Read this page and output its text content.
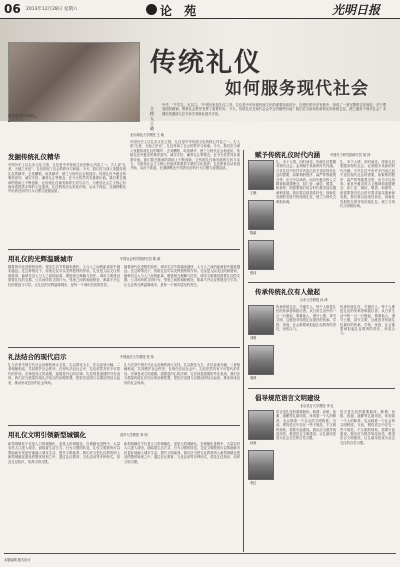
06 2013年12月28日 星期六	论 苑	光明日报
图为学生行拜师礼。
传统礼仪
如何服务现代社会
主持人 王晓
中华，“不学礼，无以立。”中国历来是礼仪之邦。礼仪是中华民族传统文化的重要组成部分，在漫长的历史发展中，形成了一套完整的礼仪规范，对于塑造国民精神、维系社会秩序发挥了重要作用。今天，传统礼仪在现代社会中还有哪些价值？我们应当如何传承和弘扬传统礼仪，使之服务于现代社会？本期论苑邀请几位专家学者就此展开讨论。
发掘传统礼仪精华
北京师范大学教授 王 晓
中国历史上以礼乐文化立国，礼仪是中华传统文化的核心内容之一。古人说“礼者，天地之序也”，礼仪体现了社会的秩序与和谐。今天，我们应当深入发掘传统礼仪的精华，去其糟粕，取其精华，使之与现代社会相适应。传统礼仪中蕴含的尊老爱幼、诚实守信、谦恭礼让等理念，在今天依然具有重要价值。我们要在继承的基础上不断创新，让传统礼仪焕发新的生机与活力，为建设社会主义核心价值体系提供丰厚的文化滋养。礼仪教育应从家庭开始，从孩子抓起，在潜移默化中培养良好的行为习惯与道德品质。
中国历史上以礼乐文化立国，礼仪是中华传统文化的核心内容之一。古人说“礼者，天地之序也”，礼仪体现了社会的秩序与和谐。今天，我们应当深入发掘传统礼仪的精华，去其糟粕，取其精华，使之与现代社会相适应。传统礼仪中蕴含的尊老爱幼、诚实守信、谦恭礼让等理念，在今天依然具有重要价值。我们要在继承的基础上不断创新，让传统礼仪焕发新的生机与活力，为建设社会主义核心价值体系提供丰厚的文化滋养。礼仪教育应从家庭开始，从孩子抓起，在潜移默化中培养良好的行为习惯与道德品质。
用礼仪的光辉温暖城市	中国社会科学院研究员 陈 斌
随着现代化进程的加快，城市生活节奏越来越快，人与人之间的距离似乎越来越远。在这种情况下，传统礼仪可以发挥独特的作用。礼仪是人际交往的润滑剂，能够拉近人与人之间的距离，增进相互理解与信任。城市文明建设需要礼仪的支撑，公共场所的文明行为、邻里之间的和睦相处，都离不开礼仪的规范与引导。让礼仪的光辉温暖城市，是每一个城市居民的责任。
随着现代化进程的加快，城市生活节奏越来越快，人与人之间的距离似乎越来越远。在这种情况下，传统礼仪可以发挥独特的作用。礼仪是人际交往的润滑剂，能够拉近人与人之间的距离，增进相互理解与信任。城市文明建设需要礼仪的支撑，公共场所的文明行为、邻里之间的和睦相处，都离不开礼仪的规范与引导。让礼仪的光辉温暖城市，是每一个城市居民的责任。
礼法结合的现代启示	中国政法大学教授 张 伟
礼与法是中国古代社会治理的两大支柱。礼以教化为主，法以惩戒为辅，二者相辅相成，共同维护社会秩序。在现代法治社会中，礼仪依然具有不可替代的作用。法律是成文的道德，道德是内心的法律，礼仪则是道德的外在表现。我们应当借鉴传统礼法结合的治理智慧，把依法治国与以德治国结合起来，推动形成良好的社会风尚。
礼与法是中国古代社会治理的两大支柱。礼以教化为主，法以惩戒为辅，二者相辅相成，共同维护社会秩序。在现代法治社会中，礼仪依然具有不可替代的作用。法律是成文的道德，道德是内心的法律，礼仪则是道德的外在表现。我们应当借鉴传统礼法结合的治理智慧，把依法治国与以德治国结合起来，推动形成良好的社会风尚。
用礼仪文明引领新型城镇化	清华大学教授 刘 明
新型城镇化不仅是人口的城镇化，更是人的城镇化。在城镇化进程中，大量农村人口进入城市，面临着生活方式、行为习惯的转变。礼仪文明教育可以帮助新市民更好地融入城市生活，提升文明素养。我们应当把礼仪教育纳入新型城镇化建设的整体规划之中，通过社区教育、文化活动等多种形式，普及礼仪知识，培养文明习惯。
新型城镇化不仅是人口的城镇化，更是人的城镇化。在城镇化进程中，大量农村人口进入城市，面临着生活方式、行为习惯的转变。礼仪文明教育可以帮助新市民更好地融入城市生活，提升文明素养。我们应当把礼仪教育纳入新型城镇化建设的整体规划之中，通过社区教育、文化活动等多种形式，普及礼仪知识，培养文明习惯。
赋予传统礼仪时代内涵	中国孔子研究院研究员 周 林
王晓
陈斌
张伟
礼，本于人情，因时而变。传统礼仪要服务现代社会，必须赋予其新的时代内涵。古代礼仪中有许多内容已经不适应现代社会的需要，如繁琐的程序、森严的等级观念等，应当予以扬弃。而其中蕴含的人文精神和道德理念，如仁爱、诚信、敬畏、和谐等，则需要我们结合时代要求加以继承和发展。我们要以创造性转化、创新性发展的态度对待传统礼仪，使之与现代文明相协调。
礼，本于人情，因时而变。传统礼仪要服务现代社会，必须赋予其新的时代内涵。古代礼仪中有许多内容已经不适应现代社会的需要，如繁琐的程序、森严的等级观念等，应当予以扬弃。而其中蕴含的人文精神和道德理念，如仁爱、诚信、敬畏、和谐等，则需要我们结合时代要求加以继承和发展。我们要以创造性转化、创新性发展的态度对待传统礼仪，使之与现代文明相协调。
传承传统礼仪有人做起
山东大学教授 孙 涛
刘明
周林
传承传统礼仪，关键在人。每个人都是礼仪的传承者和践行者。从日常生活中的一言一行做起，尊重他人，遵守公德，讲究文明，这就是对传统礼仪最好的传承。学校、家庭、社会都要承担起礼仪教育的责任，形成合力。
传承传统礼仪，关键在人。每个人都是礼仪的传承者和践行者。从日常生活中的一言一行做起，尊重他人，遵守公德，讲究文明，这就是对传统礼仪最好的传承。学校、家庭、社会都要承担起礼仪教育的责任，形成合力。
倡导规范语言文明建设
北京语言大学教授 李 红
孙涛
李红
语言是礼仪的重要载体。称谓、问候、致谢、道歉等礼貌用语，体现着一个人的修养，也反映着一个社会的文明程度。当前，网络语言中存在一些不规范、不文明的现象，需要引起重视。我们应当倡导规范用语，推进语言文明建设，让礼貌用语成为社会交往的自觉习惯。
语言是礼仪的重要载体。称谓、问候、致谢、道歉等礼貌用语，体现着一个人的修养，也反映着一个社会的文明程度。当前，网络语言中存在一些不规范、不文明的现象，需要引起重视。我们应当倡导规范用语，推进语言文明建设，让礼貌用语成为社会交往的自觉习惯。
本版编辑 版式设计
